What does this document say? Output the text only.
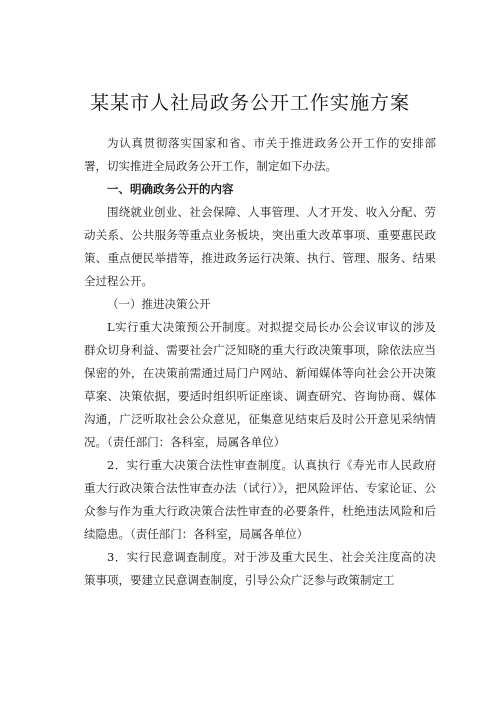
某某市人社局政务公开工作实施方案

为认真贯彻落实国家和省、市关于推进政务公开工作的安排部署，切实推进全局政务公开工作，制定如下办法。

一、明确政务公开的内容

围绕就业创业、社会保障、人事管理、人才开发、收入分配、劳动关系、公共服务等重点业务板块，突出重大改革事项、重要惠民政策、重点便民举措等，推进政务运行决策、执行、管理、服务、结果全过程公开。

（一）推进决策公开

L实行重大决策预公开制度。对拟提交局长办公会议审议的涉及群众切身利益、需要社会广泛知晓的重大行政决策事项，除依法应当保密的外，在决策前需通过局门户网站、新闻媒体等向社会公开决策草案、决策依据，要适时组织听证座谈、调查研究、咨询协商、媒体沟通，广泛听取社会公众意见，征集意见结束后及时公开意见采纳情况。（责任部门：各科室，局属各单位）

2．实行重大决策合法性审查制度。认真执行《寿光市人民政府重大行政决策合法性审查办法（试行）》，把风险评估、专家论证、公众参与作为重大行政决策合法性审查的必要条件，杜绝违法风险和后续隐患。（责任部门：各科室，局属各单位）

3．实行民意调查制度。对于涉及重大民生、社会关注度高的决策事项，要建立民意调查制度，引导公众广泛参与政策制定工
